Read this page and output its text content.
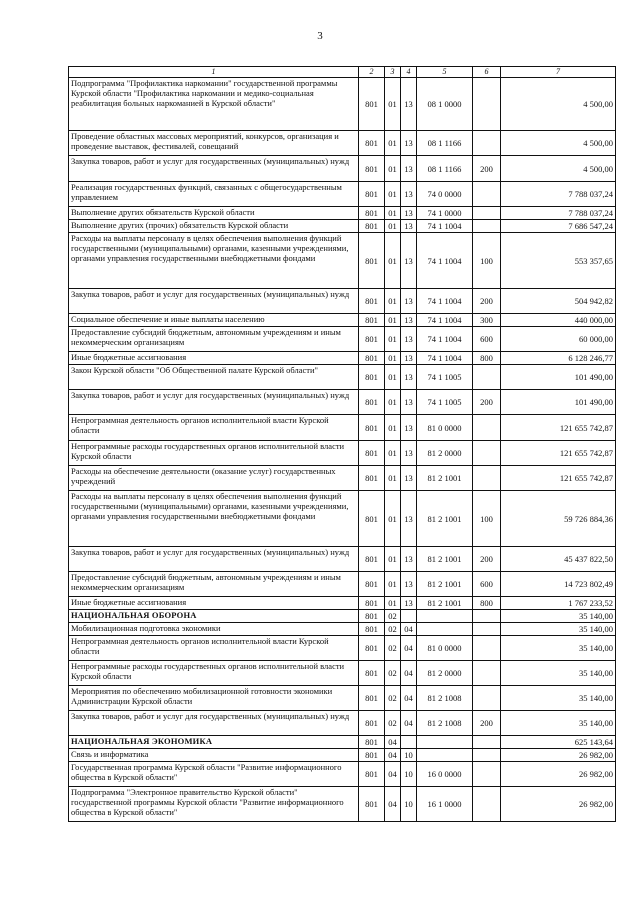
3
1	2	3	4	5	6	7
Подпрограмма "Профилактика наркомании" государственной программы Курской области "Профилактика наркомании и медико-социальная реабилитация больных наркоманией в Курской области"	801	01	13	08 1 0000		4 500,00
Проведение областных массовых мероприятий, конкурсов, организация и проведение выставок, фестивалей, совещаний	801	01	13	08 1 1166		4 500,00
Закупка товаров, работ и услуг для государственных (муниципальных) нужд	801	01	13	08 1 1166	200	4 500,00
Реализация государственных функций, связанных с общегосударственным управлением	801	01	13	74 0 0000		7 788 037,24
Выполнение других обязательств Курской области	801	01	13	74 1 0000		7 788 037,24
Выполнение других (прочих) обязательств Курской области	801	01	13	74 1 1004		7 686 547,24
Расходы на выплаты персоналу в целях обеспечения выполнения функций государственными (муниципальными) органами, казенными учреждениями, органами управления государственными внебюджетными фондами	801	01	13	74 1 1004	100	553 357,65
Закупка товаров, работ и услуг для государственных (муниципальных) нужд	801	01	13	74 1 1004	200	504 942,82
Социальное обеспечение и иные выплаты населению	801	01	13	74 1 1004	300	440 000,00
Предоставление субсидий бюджетным, автономным учреждениям и иным некоммерческим организациям	801	01	13	74 1 1004	600	60 000,00
Иные бюджетные ассигнования	801	01	13	74 1 1004	800	6 128 246,77
Закон Курской области "Об Общественной палате Курской области"	801	01	13	74 1 1005		101 490,00
Закупка товаров, работ и услуг для государственных (муниципальных) нужд	801	01	13	74 1 1005	200	101 490,00
Непрограммная деятельность органов исполнительной власти Курской области	801	01	13	81 0 0000		121 655 742,87
Непрограммные расходы государственных органов исполнительной власти Курской области	801	01	13	81 2 0000		121 655 742,87
Расходы на обеспечение деятельности (оказание услуг) государственных учреждений	801	01	13	81 2 1001		121 655 742,87
Расходы на выплаты персоналу в целях обеспечения выполнения функций государственными (муниципальными) органами, казенными учреждениями, органами управления государственными внебюджетными фондами	801	01	13	81 2 1001	100	59 726 884,36
Закупка товаров, работ и услуг для государственных (муниципальных) нужд	801	01	13	81 2 1001	200	45 437 822,50
Предоставление субсидий бюджетным, автономным учреждениям и иным некоммерческим организациям	801	01	13	81 2 1001	600	14 723 802,49
Иные бюджетные ассигнования	801	01	13	81 2 1001	800	1 767 233,52
НАЦИОНАЛЬНАЯ ОБОРОНА	801	02				35 140,00
Мобилизационная подготовка экономики	801	02	04			35 140,00
Непрограммная деятельность органов исполнительной власти Курской области	801	02	04	81 0 0000		35 140,00
Непрограммные расходы государственных органов исполнительной власти Курской области	801	02	04	81 2 0000		35 140,00
Мероприятия по обеспечению мобилизационной готовности экономики Администрации Курской области	801	02	04	81 2 1008		35 140,00
Закупка товаров, работ и услуг для государственных (муниципальных) нужд	801	02	04	81 2 1008	200	35 140,00
НАЦИОНАЛЬНАЯ ЭКОНОМИКА	801	04				625 143,64
Связь и информатика	801	04	10			26 982,00
Государственная программа Курской области "Развитие информационного общества в Курской области"	801	04	10	16 0 0000		26 982,00
Подпрограмма "Электронное правительство Курской области" государственной программы Курской области "Развитие информационного общества в Курской области"	801	04	10	16 1 0000		26 982,00
